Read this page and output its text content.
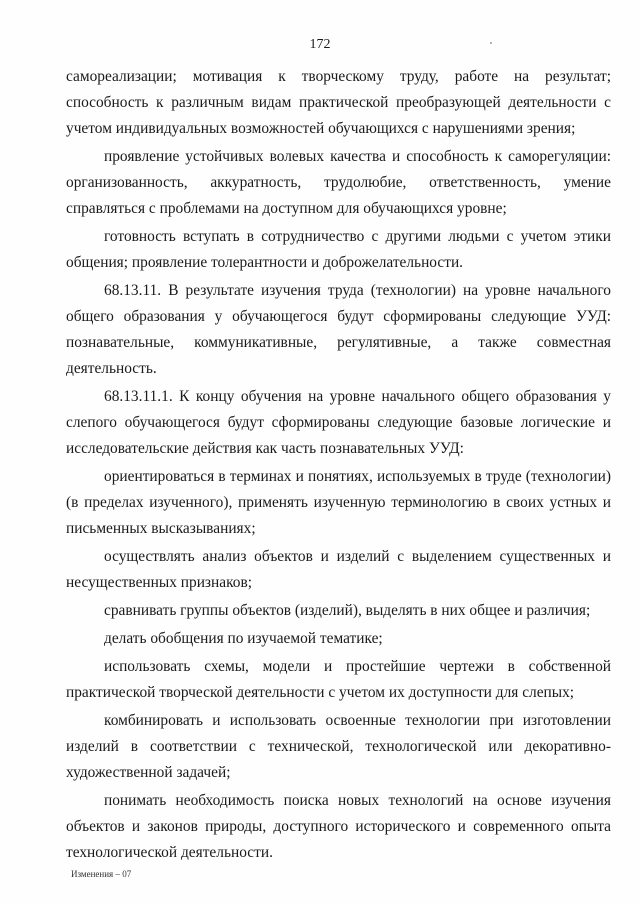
172

самореализации; мотивация к творческому труду, работе на результат; способность к различным видам практической преобразующей деятельности с учетом индивидуальных возможностей обучающихся с нарушениями зрения;

проявление устойчивых волевых качества и способность к саморегуляции: организованность, аккуратность, трудолюбие, ответственность, умение справляться с проблемами на доступном для обучающихся уровне;

готовность вступать в сотрудничество с другими людьми с учетом этики общения; проявление толерантности и доброжелательности.

68.13.11. В результате изучения труда (технологии) на уровне начального общего образования у обучающегося будут сформированы следующие УУД: познавательные, коммуникативные, регулятивные, а также совместная деятельность.

68.13.11.1. К концу обучения на уровне начального общего образования у слепого обучающегося будут сформированы следующие базовые логические и исследовательские действия как часть познавательных УУД:

ориентироваться в терминах и понятиях, используемых в труде (технологии) (в пределах изученного), применять изученную терминологию в своих устных и письменных высказываниях;

осуществлять анализ объектов и изделий с выделением существенных и несущественных признаков;

сравнивать группы объектов (изделий), выделять в них общее и различия;

делать обобщения по изучаемой тематике;

использовать схемы, модели и простейшие чертежи в собственной практической творческой деятельности с учетом их доступности для слепых;

комбинировать и использовать освоенные технологии при изготовлении изделий в соответствии с технической, технологической или декоративно-художественной задачей;

понимать необходимость поиска новых технологий на основе изучения объектов и законов природы, доступного исторического и современного опыта технологической деятельности.

Изменения – 07
